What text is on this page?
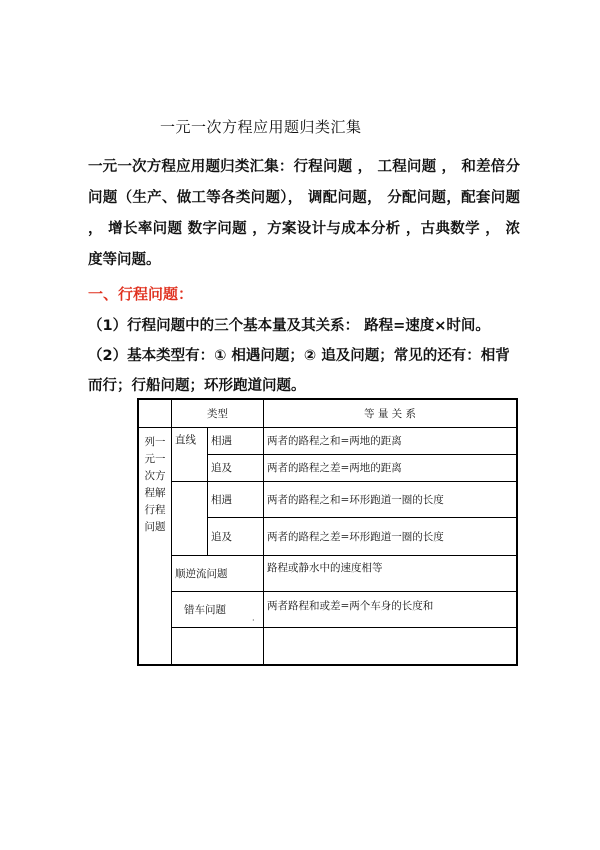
一元一次方程应用题归类汇集
一元一次方程应用题归类汇集：行程问题 ， 工程问题 ， 和差倍分问题（生产、做工等各类问题）， 调配问题， 分配问题，配套问题 ， 增长率问题 数字问题 ，方案设计与成本分析 ，古典数学 ， 浓度等问题。
一、行程问题：
（1）行程问题中的三个基本量及其关系： 路程=速度×时间。
（2）基本类型有：① 相遇问题；② 追及问题；常见的还有：相背而行；行船问题；环形跑道问题。
	类型		等 量 关 系
列一元一次方程解行程问题	直线	相遇	两者的路程之和=两地的距离
		追及	两者的路程之差=两地的距离
		相遇	两者的路程之和=环形跑道一圈的长度
		追及	两者的路程之差=环形跑道一圈的长度
	顺逆流问题		路程或静水中的速度相等
	错车问题		两者路程和或差=两个车身的长度和

·
